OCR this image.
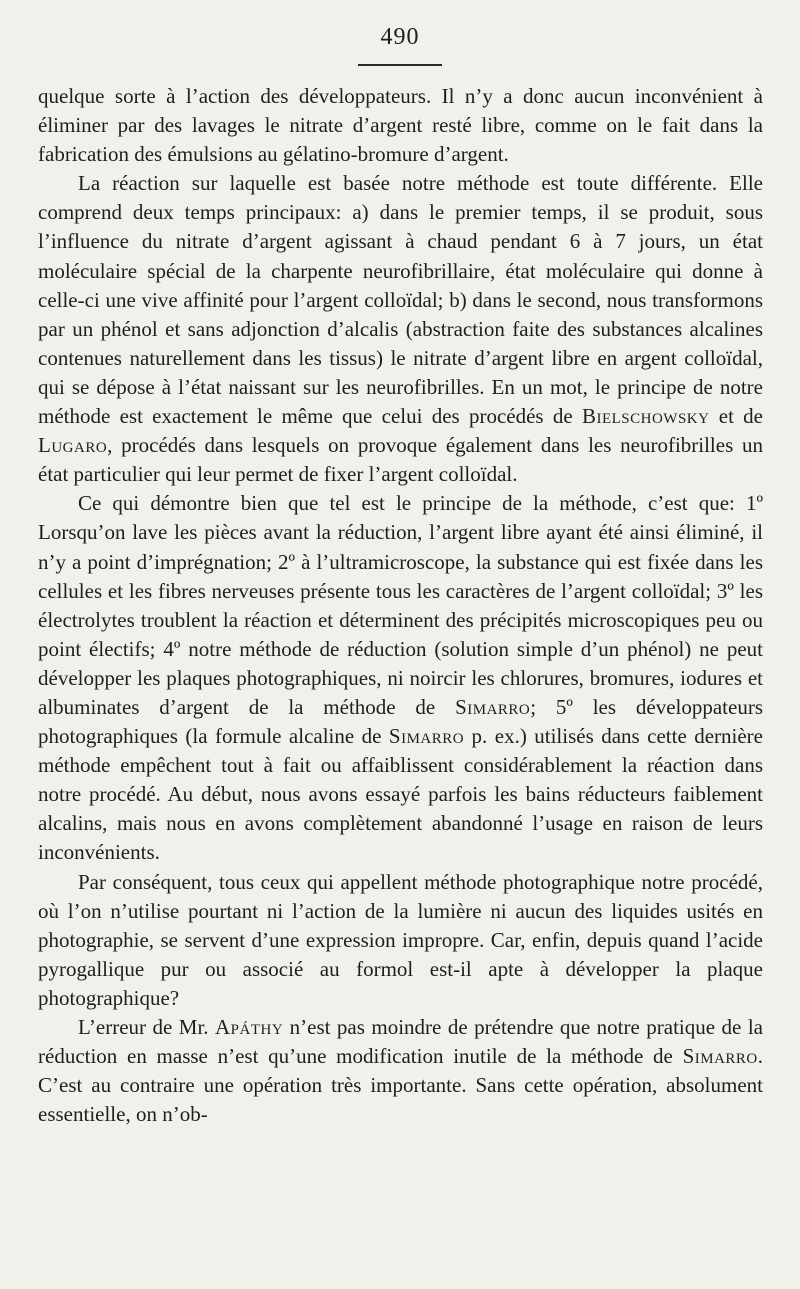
490

quelque sorte à l’action des développateurs. Il n’y a donc aucun inconvénient à éliminer par des lavages le nitrate d’argent resté libre, comme on le fait dans la fabrication des émulsions au gélatino-bromure d’argent.

La réaction sur laquelle est basée notre méthode est toute différente. Elle comprend deux temps principaux: a) dans le premier temps, il se produit, sous l’influence du nitrate d’argent agissant à chaud pendant 6 à 7 jours, un état moléculaire spécial de la charpente neurofibrillaire, état moléculaire qui donne à celle-ci une vive affinité pour l’argent colloïdal; b) dans le second, nous transformons par un phénol et sans adjonction d’alcalis (abstraction faite des substances alcalines contenues naturellement dans les tissus) le nitrate d’argent libre en argent colloïdal, qui se dépose à l’état naissant sur les neurofibrilles. En un mot, le principe de notre méthode est exactement le même que celui des procédés de Bielschowsky et de Lugaro, procédés dans lesquels on provoque également dans les neurofibrilles un état particulier qui leur permet de fixer l’argent colloïdal.

Ce qui démontre bien que tel est le principe de la méthode, c’est que: 1º Lorsqu’on lave les pièces avant la réduction, l’argent libre ayant été ainsi éliminé, il n’y a point d’imprégnation; 2º à l’ultramicroscope, la substance qui est fixée dans les cellules et les fibres nerveuses présente tous les caractères de l’argent colloïdal; 3º les électrolytes troublent la réaction et déterminent des précipités microscopiques peu ou point électifs; 4º notre méthode de réduction (solution simple d’un phénol) ne peut développer les plaques photographiques, ni noircir les chlorures, bromures, iodures et albuminates d’argent de la méthode de Simarro; 5º les développateurs photographiques (la formule alcaline de Simarro p. ex.) utilisés dans cette dernière méthode empêchent tout à fait ou affaiblissent considérablement la réaction dans notre procédé. Au début, nous avons essayé parfois les bains réducteurs faiblement alcalins, mais nous en avons complètement abandonné l’usage en raison de leurs inconvénients.

Par conséquent, tous ceux qui appellent méthode photographique notre procédé, où l’on n’utilise pourtant ni l’action de la lumière ni aucun des liquides usités en photographie, se servent d’une expression impropre. Car, enfin, depuis quand l’acide pyrogallique pur ou associé au formol est-il apte à développer la plaque photographique?

L’erreur de Mr. Apáthy n’est pas moindre de prétendre que notre pratique de la réduction en masse n’est qu’une modification inutile de la méthode de Simarro. C’est au contraire une opération très importante. Sans cette opération, absolument essentielle, on n’ob-
